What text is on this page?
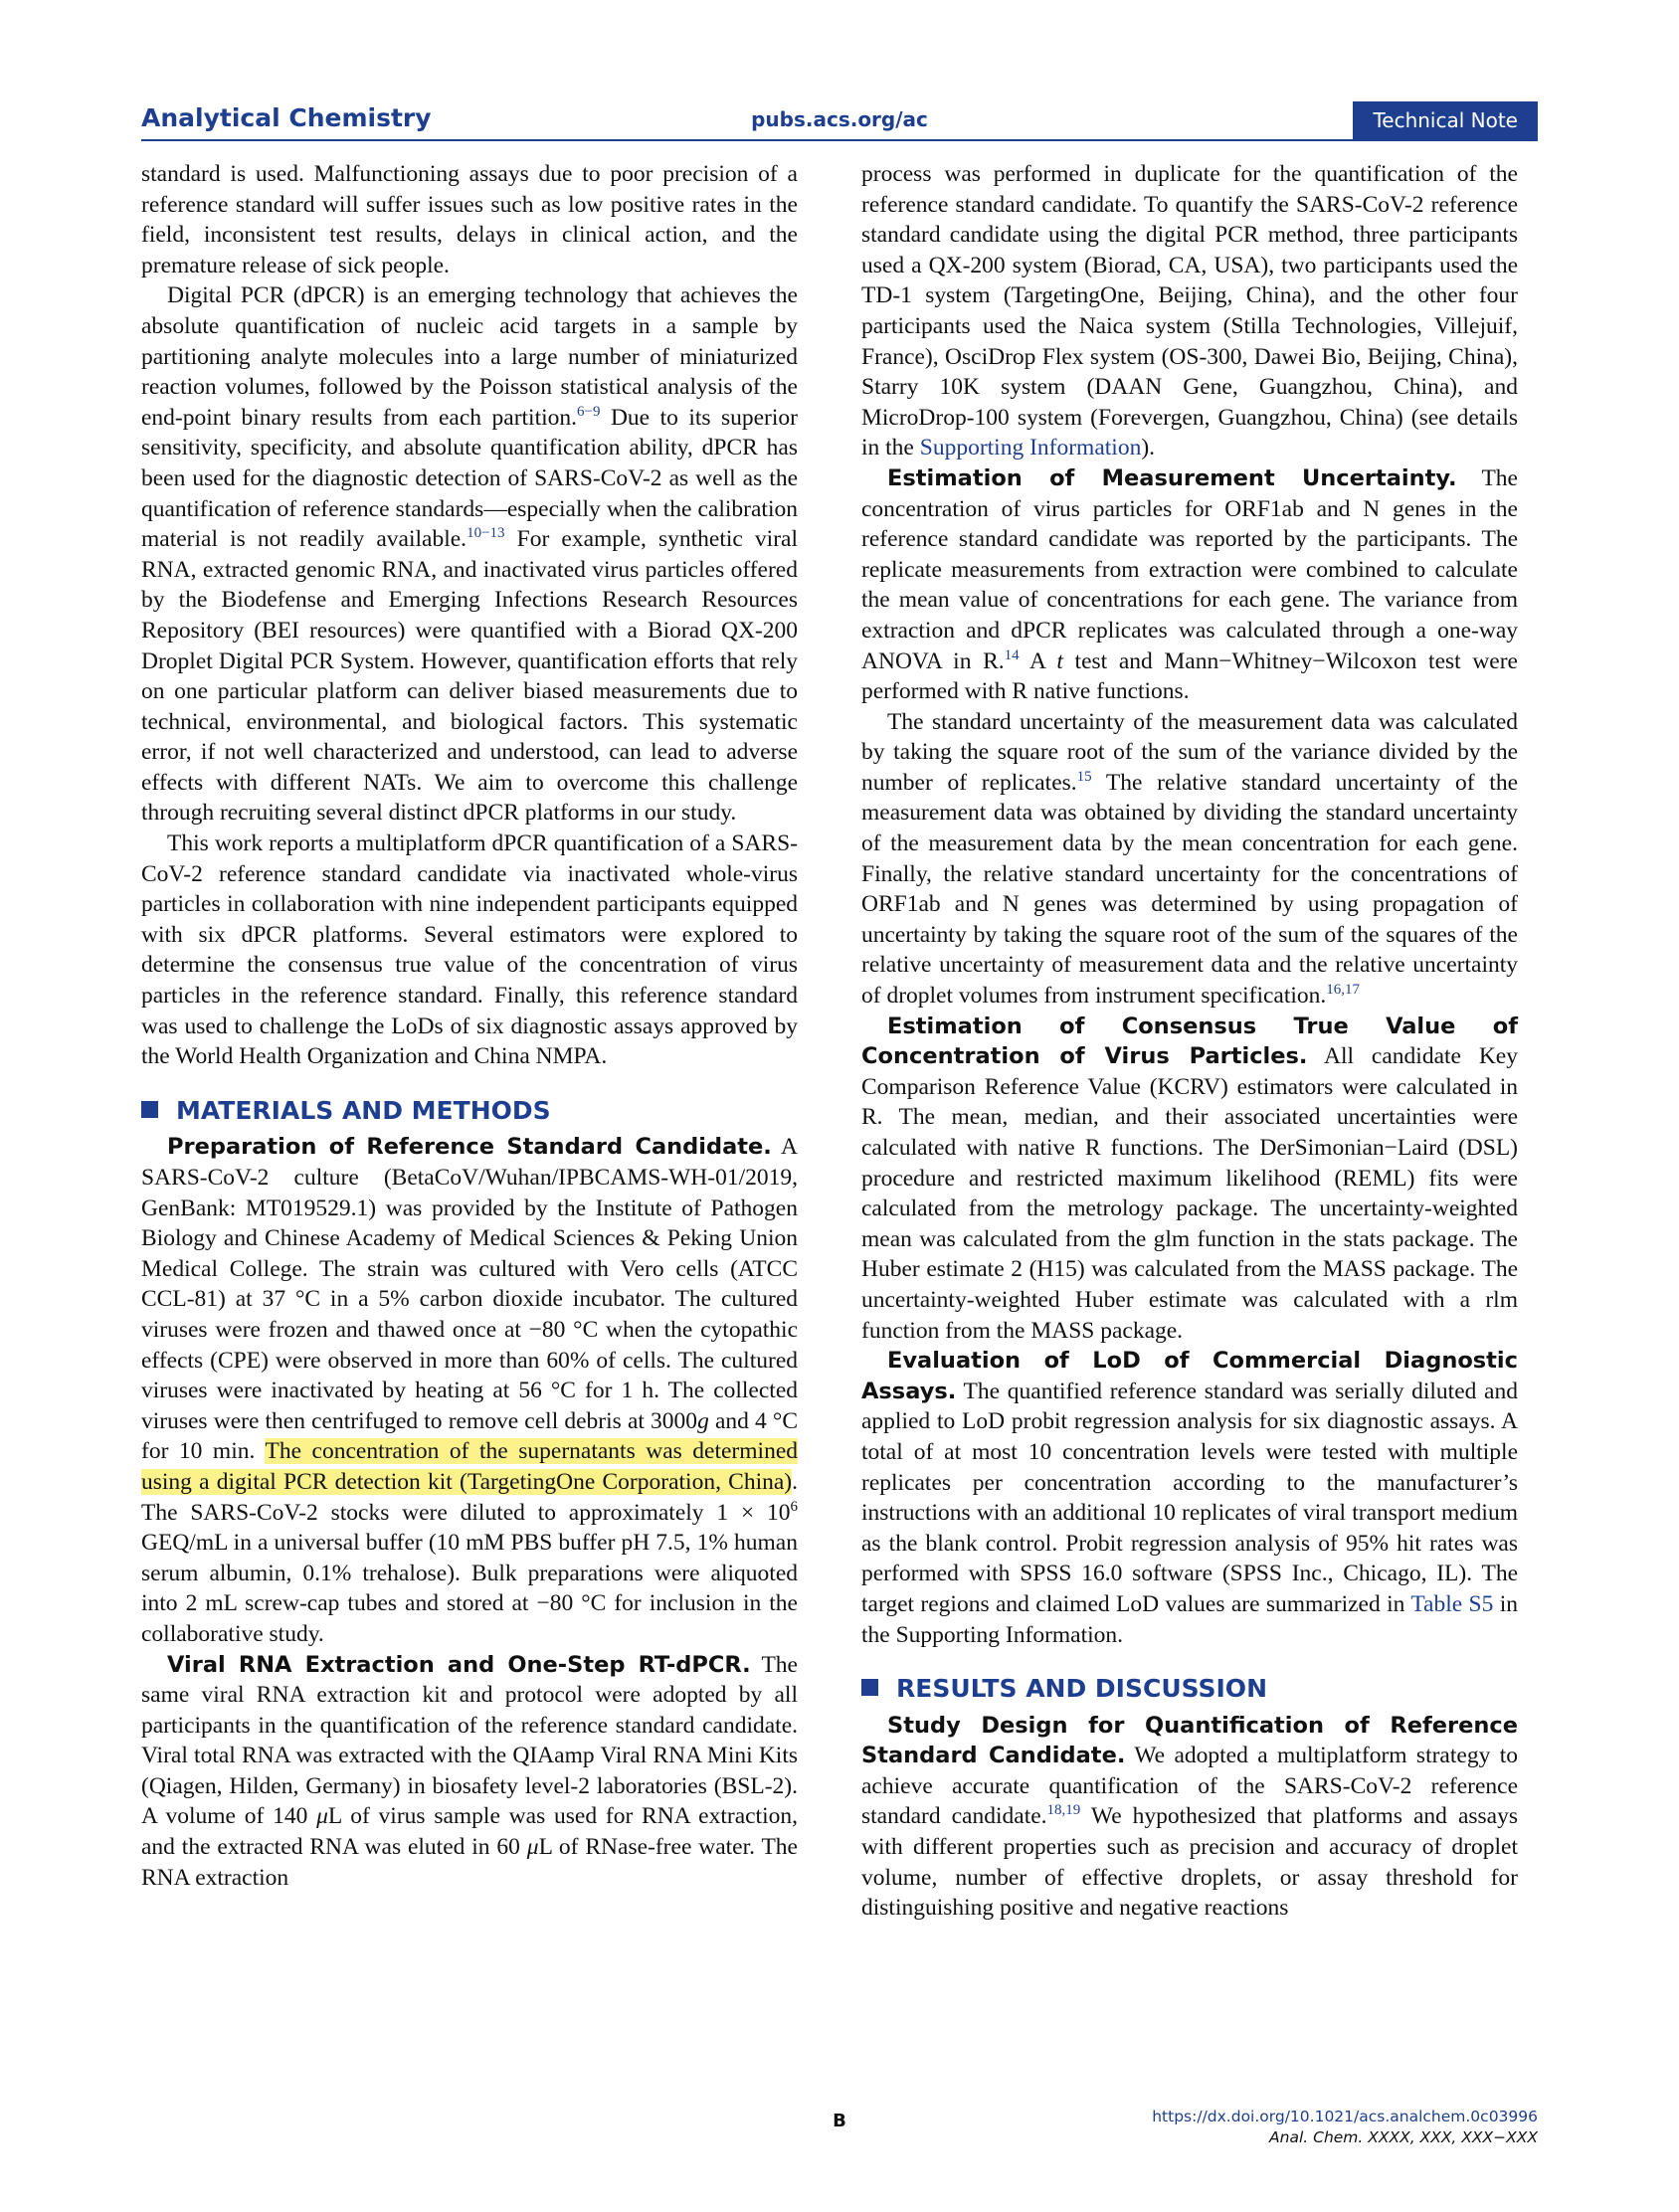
Analytical Chemistry	pubs.acs.org/ac	Technical Note

standard is used. Malfunctioning assays due to poor precision of a reference standard will suffer issues such as low positive rates in the field, inconsistent test results, delays in clinical action, and the premature release of sick people.

Digital PCR (dPCR) is an emerging technology that achieves the absolute quantification of nucleic acid targets in a sample by partitioning analyte molecules into a large number of miniaturized reaction volumes, followed by the Poisson statistical analysis of the end-point binary results from each partition.$^{6-9}$ Due to its superior sensitivity, specificity, and absolute quantification ability, dPCR has been used for the diagnostic detection of SARS-CoV-2 as well as the quantification of reference standards—especially when the calibration material is not readily available.$^{10-13}$ For example, synthetic viral RNA, extracted genomic RNA, and inactivated virus particles offered by the Biodefense and Emerging Infections Research Resources Repository (BEI resources) were quantified with a Biorad QX-200 Droplet Digital PCR System. However, quantification efforts that rely on one particular platform can deliver biased measurements due to technical, environmental, and biological factors. This systematic error, if not well characterized and understood, can lead to adverse effects with different NATs. We aim to overcome this challenge through recruiting several distinct dPCR platforms in our study.

This work reports a multiplatform dPCR quantification of a SARS-CoV-2 reference standard candidate via inactivated whole-virus particles in collaboration with nine independent participants equipped with six dPCR platforms. Several estimators were explored to determine the consensus true value of the concentration of virus particles in the reference standard. Finally, this reference standard was used to challenge the LoDs of six diagnostic assays approved by the World Health Organization and China NMPA.

MATERIALS AND METHODS

Preparation of Reference Standard Candidate. A SARS-CoV-2 culture (BetaCoV/Wuhan/IPBCAMS-WH-01/2019, GenBank: MT019529.1) was provided by the Institute of Pathogen Biology and Chinese Academy of Medical Sciences & Peking Union Medical College. The strain was cultured with Vero cells (ATCC CCL-81) at 37 °C in a 5% carbon dioxide incubator. The cultured viruses were frozen and thawed once at −80 °C when the cytopathic effects (CPE) were observed in more than 60% of cells. The cultured viruses were inactivated by heating at 56 °C for 1 h. The collected viruses were then centrifuged to remove cell debris at 3000g and 4 °C for 10 min. The concentration of the supernatants was determined using a digital PCR detection kit (TargetingOne Corporation, China). The SARS-CoV-2 stocks were diluted to approximately $1 \times 10^6$ GEQ/mL in a universal buffer (10 mM PBS buffer pH 7.5, 1% human serum albumin, 0.1% trehalose). Bulk preparations were aliquoted into 2 mL screw-cap tubes and stored at −80 °C for inclusion in the collaborative study.

Viral RNA Extraction and One-Step RT-dPCR. The same viral RNA extraction kit and protocol were adopted by all participants in the quantification of the reference standard candidate. Viral total RNA was extracted with the QIAamp Viral RNA Mini Kits (Qiagen, Hilden, Germany) in biosafety level-2 laboratories (BSL-2). A volume of 140 μL of virus sample was used for RNA extraction, and the extracted RNA was eluted in 60 μL of RNase-free water. The RNA extraction

process was performed in duplicate for the quantification of the reference standard candidate. To quantify the SARS-CoV-2 reference standard candidate using the digital PCR method, three participants used a QX-200 system (Biorad, CA, USA), two participants used the TD-1 system (TargetingOne, Beijing, China), and the other four participants used the Naica system (Stilla Technologies, Villejuif, France), OsciDrop Flex system (OS-300, Dawei Bio, Beijing, China), Starry 10K system (DAAN Gene, Guangzhou, China), and MicroDrop-100 system (Forevergen, Guangzhou, China) (see details in the Supporting Information).

Estimation of Measurement Uncertainty. The concentration of virus particles for ORF1ab and N genes in the reference standard candidate was reported by the participants. The replicate measurements from extraction were combined to calculate the mean value of concentrations for each gene. The variance from extraction and dPCR replicates was calculated through a one-way ANOVA in R.$^{14}$ A t test and Mann−Whitney−Wilcoxon test were performed with R native functions.

The standard uncertainty of the measurement data was calculated by taking the square root of the sum of the variance divided by the number of replicates.$^{15}$ The relative standard uncertainty of the measurement data was obtained by dividing the standard uncertainty of the measurement data by the mean concentration for each gene. Finally, the relative standard uncertainty for the concentrations of ORF1ab and N genes was determined by using propagation of uncertainty by taking the square root of the sum of the squares of the relative uncertainty of measurement data and the relative uncertainty of droplet volumes from instrument specification.$^{16,17}$

Estimation of Consensus True Value of Concentration of Virus Particles. All candidate Key Comparison Reference Value (KCRV) estimators were calculated in R. The mean, median, and their associated uncertainties were calculated with native R functions. The DerSimonian−Laird (DSL) procedure and restricted maximum likelihood (REML) fits were calculated from the metrology package. The uncertainty-weighted mean was calculated from the glm function in the stats package. The Huber estimate 2 (H15) was calculated from the MASS package. The uncertainty-weighted Huber estimate was calculated with a rlm function from the MASS package.

Evaluation of LoD of Commercial Diagnostic Assays. The quantified reference standard was serially diluted and applied to LoD probit regression analysis for six diagnostic assays. A total of at most 10 concentration levels were tested with multiple replicates per concentration according to the manufacturer’s instructions with an additional 10 replicates of viral transport medium as the blank control. Probit regression analysis of 95% hit rates was performed with SPSS 16.0 software (SPSS Inc., Chicago, IL). The target regions and claimed LoD values are summarized in Table S5 in the Supporting Information.

RESULTS AND DISCUSSION

Study Design for Quantification of Reference Standard Candidate. We adopted a multiplatform strategy to achieve accurate quantification of the SARS-CoV-2 reference standard candidate.$^{18,19}$ We hypothesized that platforms and assays with different properties such as precision and accuracy of droplet volume, number of effective droplets, or assay threshold for distinguishing positive and negative reactions

B	https://dx.doi.org/10.1021/acs.analchem.0c03996
Anal. Chem. XXXX, XXX, XXX−XXX
